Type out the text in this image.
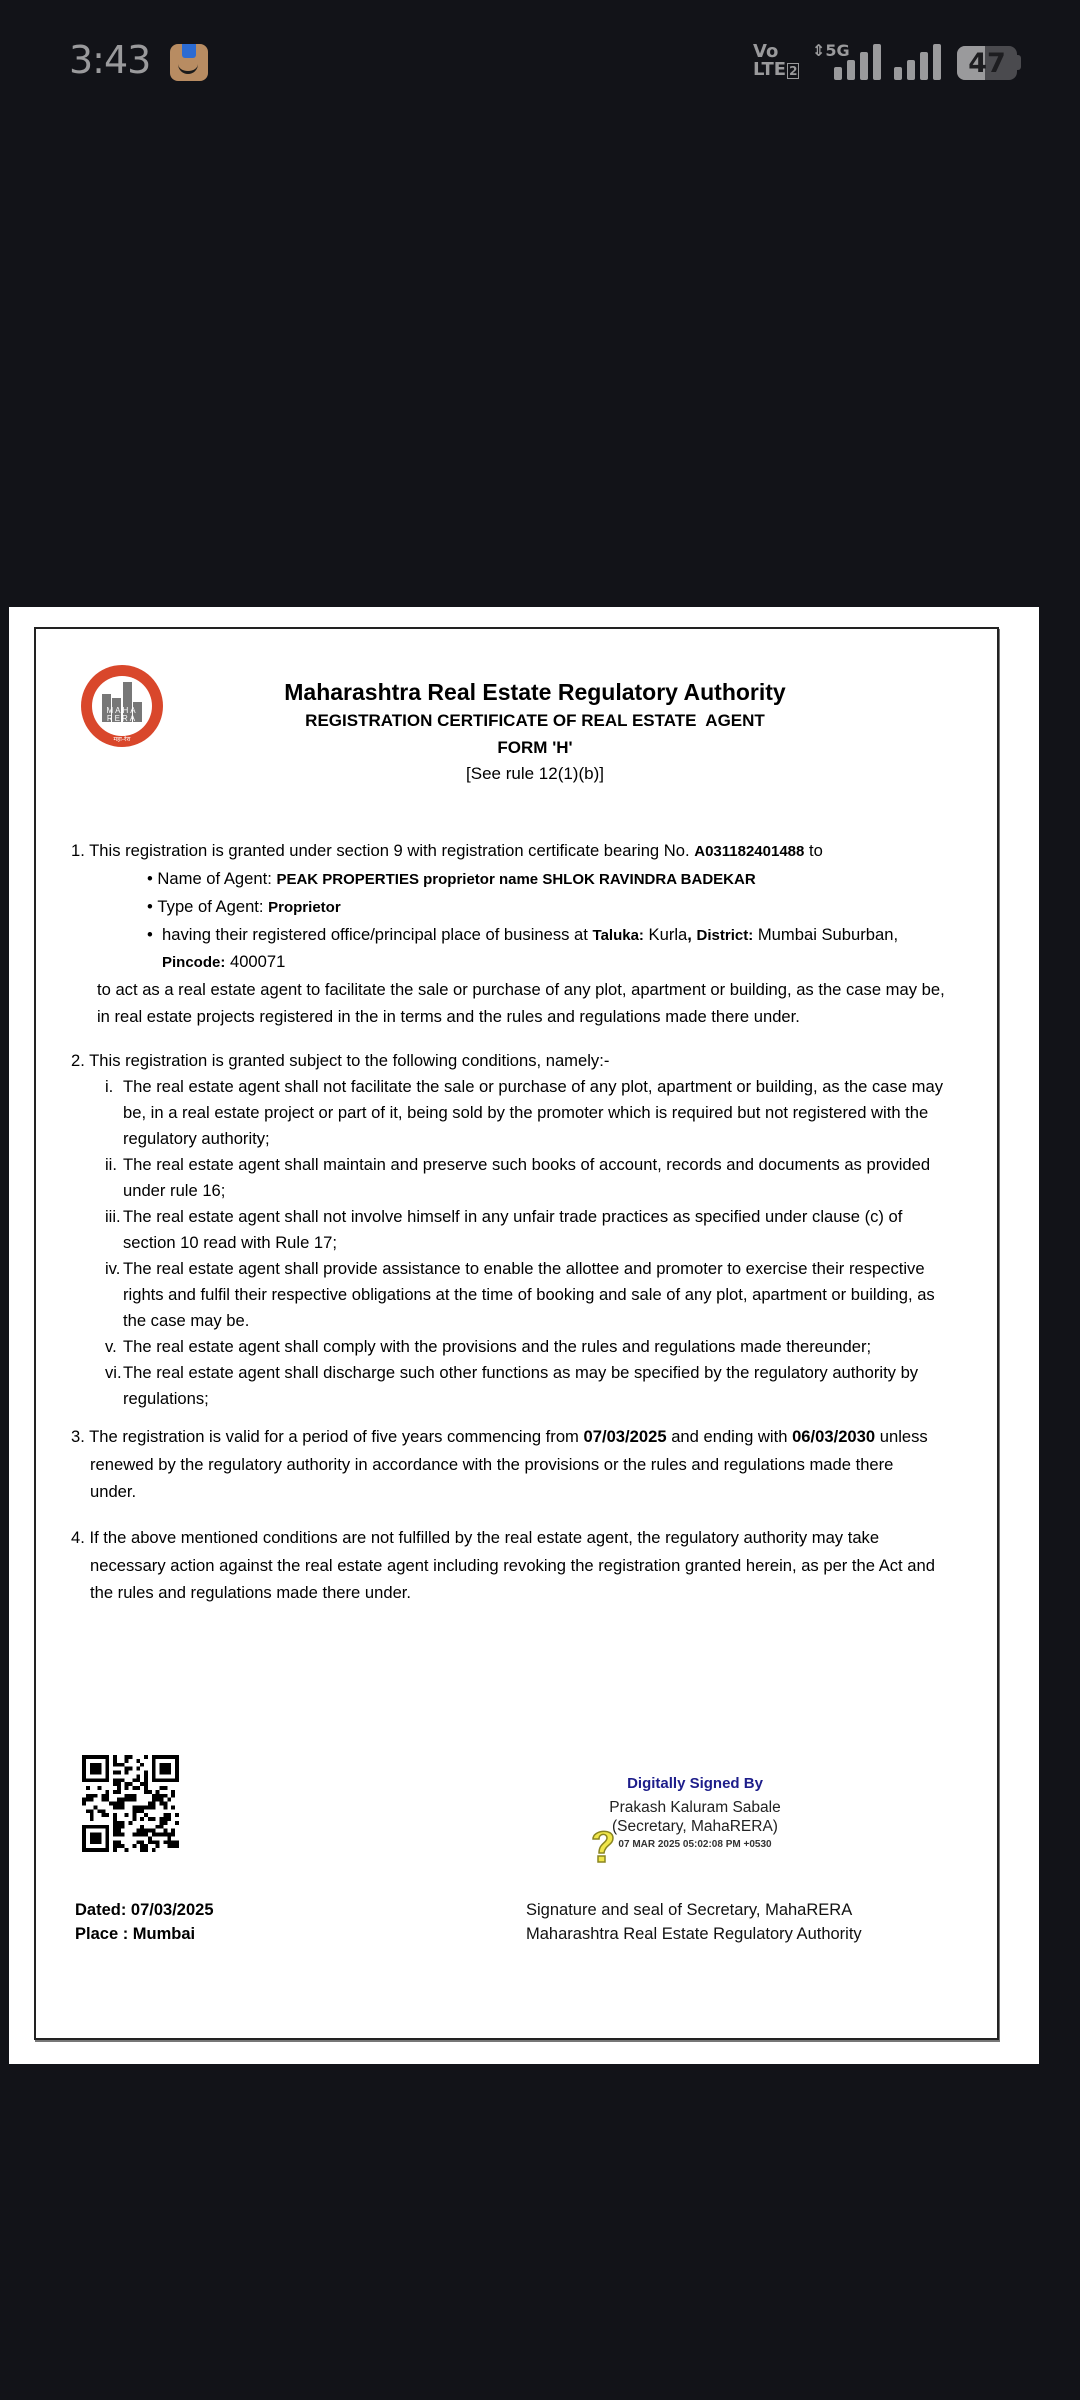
3:43	Vo
LTE 2
⇕5G	47
MAHA
RERA
महा-रेरा
Maharashtra Real Estate Regulatory Authority
REGISTRATION CERTIFICATE OF REAL ESTATE  AGENT
FORM 'H'
[See rule 12(1)(b)]
1. This registration is granted under section 9 with registration certificate bearing No. A031182401488 to
• Name of Agent: PEAK PROPERTIES proprietor name SHLOK RAVINDRA BADEKAR
• Type of Agent: Proprietor
•  having their registered office/principal place of business at Taluka: Kurla, District: Mumbai Suburban,
Pincode: 400071
to act as a real estate agent to facilitate the sale or purchase of any plot, apartment or building, as the case may be,
in real estate projects registered in the in terms and the rules and regulations made there under.
2. This registration is granted subject to the following conditions, namely:-
i. The real estate agent shall not facilitate the sale or purchase of any plot, apartment or building, as the case may
be, in a real estate project or part of it, being sold by the promoter which is required but not registered with the
regulatory authority;
ii. The real estate agent shall maintain and preserve such books of account, records and documents as provided
under rule 16;
iii. The real estate agent shall not involve himself in any unfair trade practices as specified under clause (c) of
section 10 read with Rule 17;
iv. The real estate agent shall provide assistance to enable the allottee and promoter to exercise their respective
rights and fulfil their respective obligations at the time of booking and sale of any plot, apartment or building, as
the case may be.
v. The real estate agent shall comply with the provisions and the rules and regulations made thereunder;
vi. The real estate agent shall discharge such other functions as may be specified by the regulatory authority by
regulations;
3. The registration is valid for a period of five years commencing from 07/03/2025 and ending with 06/03/2030 unless
renewed by the regulatory authority in accordance with the provisions or the rules and regulations made there
under.
4. If the above mentioned conditions are not fulfilled by the real estate agent, the regulatory authority may take
necessary action against the real estate agent including revoking the registration granted herein, as per the Act and
the rules and regulations made there under.
Digitally Signed By
Prakash Kaluram Sabale
(Secretary, MahaRERA)
07 MAR 2025 05:02:08 PM +0530
Dated: 07/03/2025
Place : Mumbai
Signature and seal of Secretary, MahaRERA
Maharashtra Real Estate Regulatory Authority
